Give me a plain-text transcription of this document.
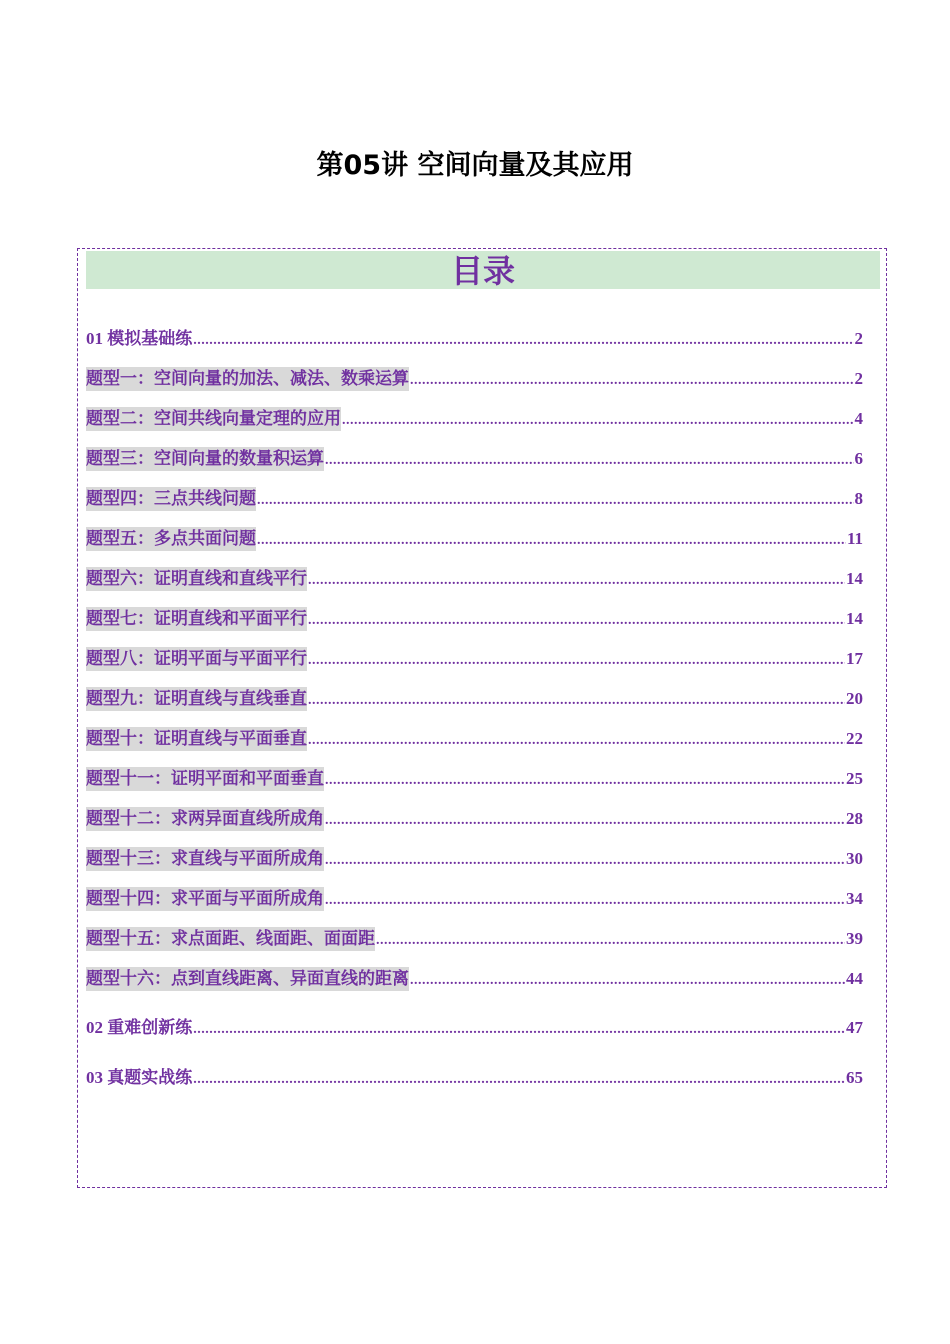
第05讲 空间向量及其应用
目录
01 模拟基础练 .....	2
题型一：空间向量的加法、减法、数乘运算 .....	2
题型二：空间共线向量定理的应用 .....	4
题型三：空间向量的数量积运算 .....	6
题型四：三点共线问题 .....	8
题型五：多点共面问题 .....	11
题型六：证明直线和直线平行 .....	14
题型七：证明直线和平面平行 .....	14
题型八：证明平面与平面平行 .....	17
题型九：证明直线与直线垂直 .....	20
题型十：证明直线与平面垂直 .....	22
题型十一：证明平面和平面垂直 .....	25
题型十二：求两异面直线所成角 .....	28
题型十三：求直线与平面所成角 .....	30
题型十四：求平面与平面所成角 .....	34
题型十五：求点面距、线面距、面面距 .....	39
题型十六：点到直线距离、异面直线的距离 .....	44
02 重难创新练 .....	47
03 真题实战练 .....	65
